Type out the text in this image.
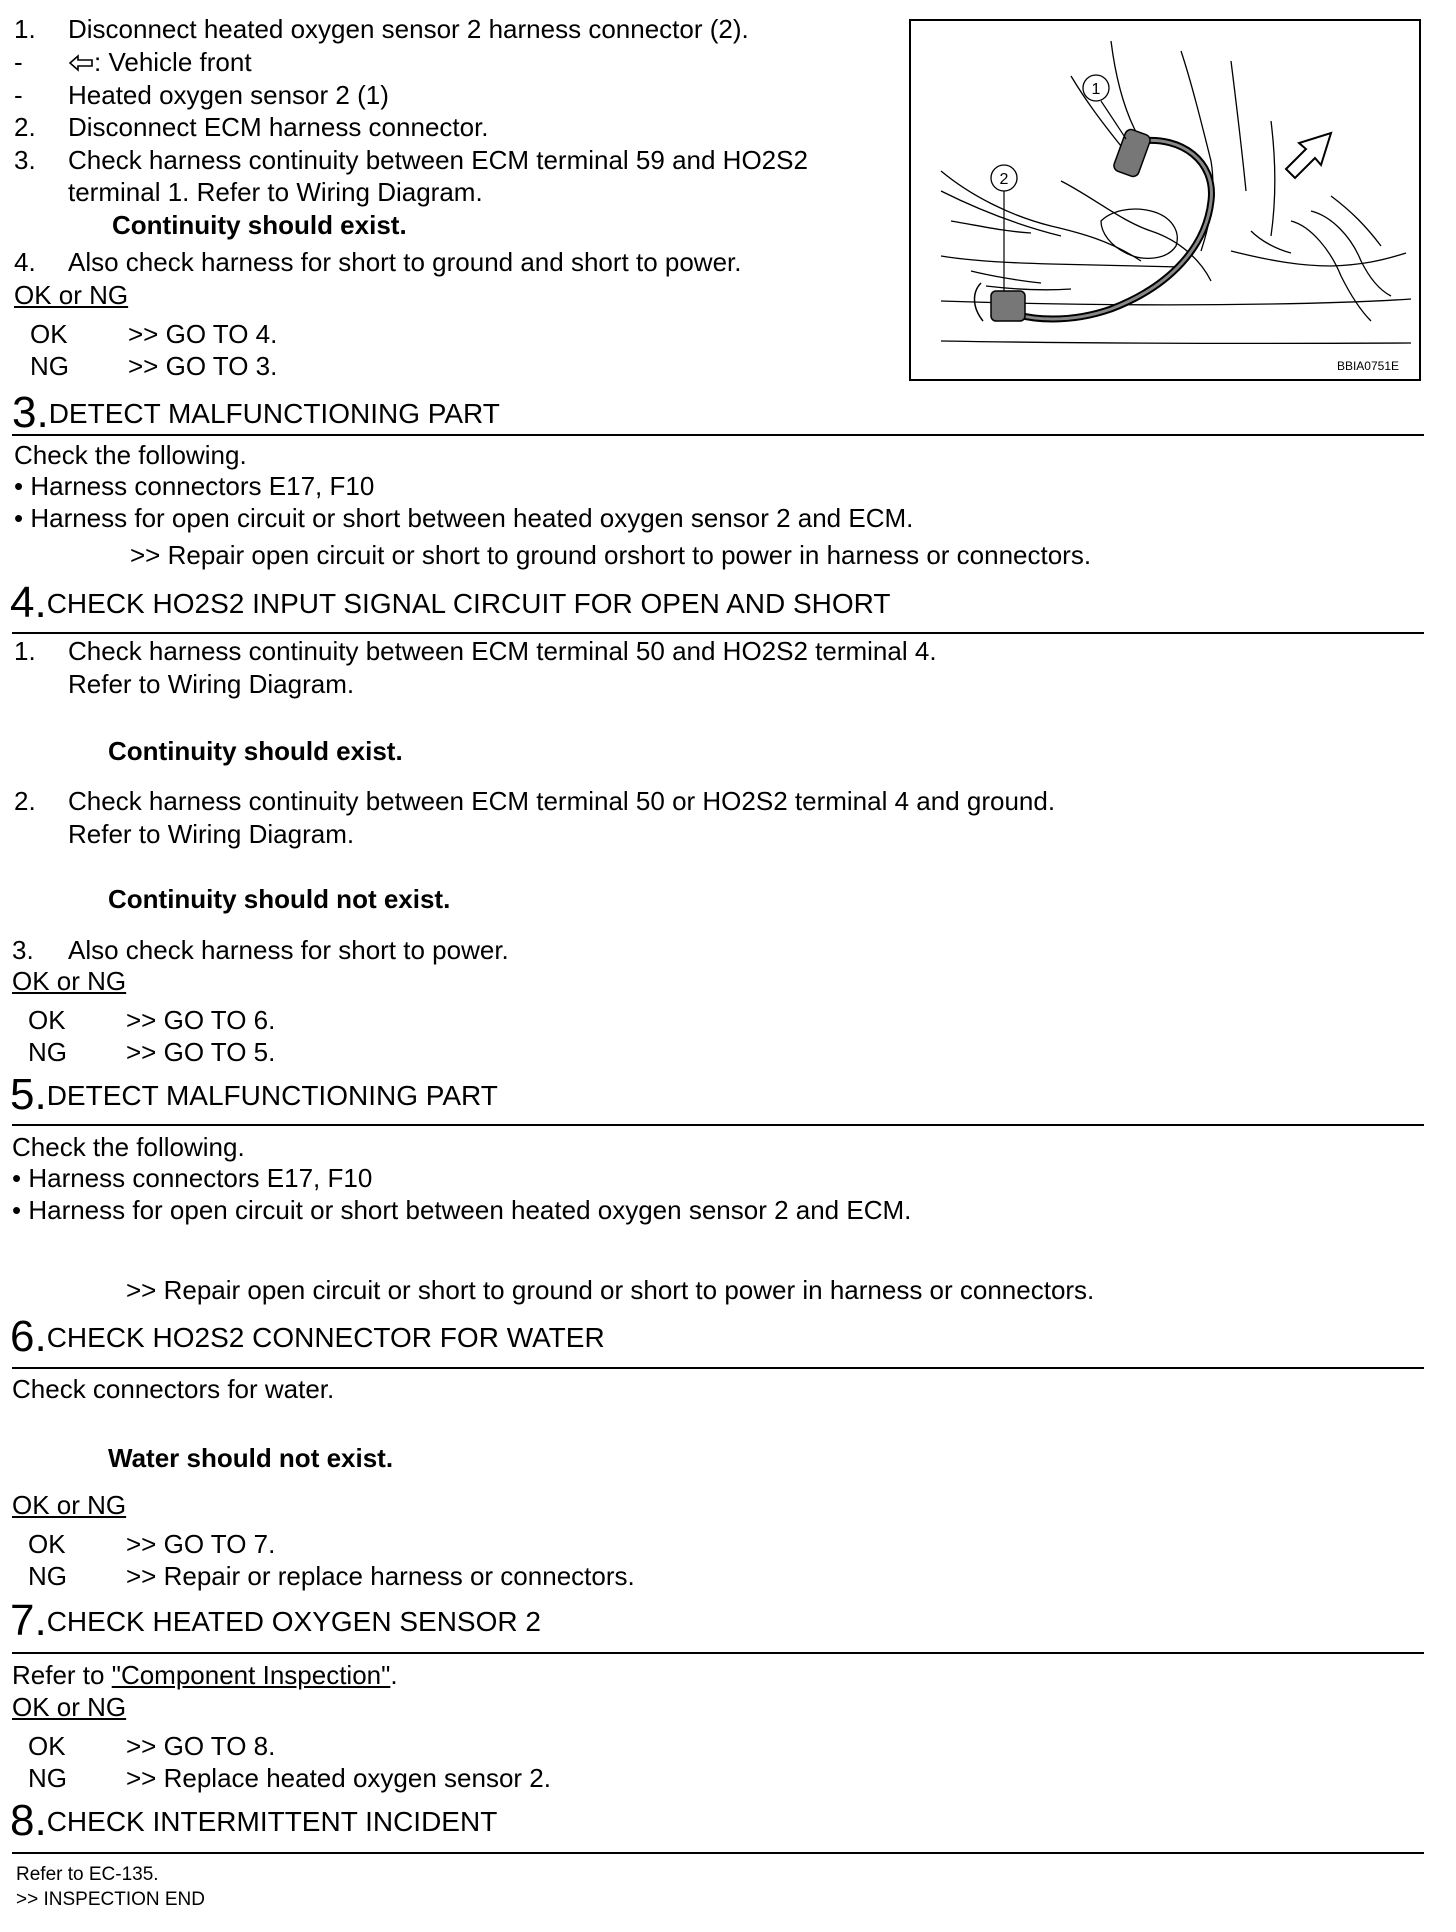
1. Disconnect heated oxygen sensor 2 harness connector (2).
-	: Vehicle front
- Heated oxygen sensor 2 (1)
2. Disconnect ECM harness connector.
3. Check harness continuity between ECM terminal 59 and HO2S2
terminal 1. Refer to Wiring Diagram.
Continuity should exist.
4. Also check harness for short to ground and short to power.
OK or NG
OK >> GO TO 4.
NG >> GO TO 3.
1
2
BBIA0751E
3.DETECT MALFUNCTIONING PART
Check the following.
• Harness connectors E17, F10
• Harness for open circuit or short between heated oxygen sensor 2 and ECM.
>> Repair open circuit or short to ground orshort to power in harness or connectors.
4.CHECK HO2S2 INPUT SIGNAL CIRCUIT FOR OPEN AND SHORT
1. Check harness continuity between ECM terminal 50 and HO2S2 terminal 4.
Refer to Wiring Diagram.
Continuity should exist.
2. Check harness continuity between ECM terminal 50 or HO2S2 terminal 4 and ground.
Refer to Wiring Diagram.
Continuity should not exist.
3. Also check harness for short to power.
OK or NG
OK >> GO TO 6.
NG >> GO TO 5.
5.DETECT MALFUNCTIONING PART
Check the following.
• Harness connectors E17, F10
• Harness for open circuit or short between heated oxygen sensor 2 and ECM.
>> Repair open circuit or short to ground or short to power in harness or connectors.
6.CHECK HO2S2 CONNECTOR FOR WATER
Check connectors for water.
Water should not exist.
OK or NG
OK >> GO TO 7.
NG >> Repair or replace harness or connectors.
7.CHECK HEATED OXYGEN SENSOR 2
Refer to "Component Inspection".
OK or NG
OK >> GO TO 8.
NG >> Replace heated oxygen sensor 2.
8.CHECK INTERMITTENT INCIDENT
Refer to EC-135.
>> INSPECTION END
